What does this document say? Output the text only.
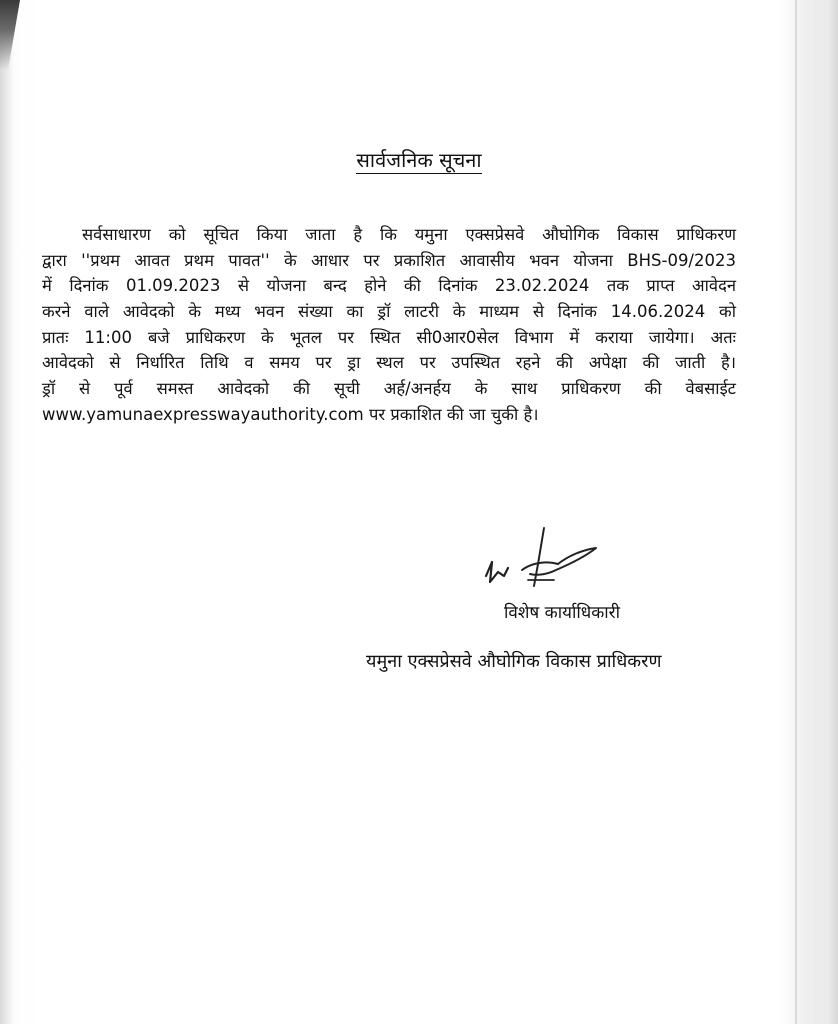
सार्वजनिक सूचना
सर्वसाधारण को सूचित किया जाता है कि यमुना एक्सप्रेसवे औघोगिक विकास प्राधिकरण
द्वारा ''प्रथम आवत प्रथम पावत'' के आधार पर प्रकाशित आवासीय भवन योजना BHS-09/2023
में दिनांक 01.09.2023 से योजना बन्द होने की दिनांक 23.02.2024 तक प्राप्त आवेदन
करने वाले आवेदको के मध्य भवन संख्या का ड्रॉ लाटरी के माध्यम से दिनांक 14.06.2024 को
प्रातः 11:00 बजे प्राधिकरण के भूतल पर स्थित सी0आर0सेल विभाग में कराया जायेगा। अतः
आवेदको से निर्धारित तिथि व समय पर ड्रा स्थल पर उपस्थित रहने की अपेक्षा की जाती है।
ड्रॉ से पूर्व समस्त आवेदको की सूची अर्ह/अनर्हय के साथ प्राधिकरण की वेबसाईट
www.yamunaexpresswayauthority.com पर प्रकाशित की जा चुकी है।
विशेष कार्याधिकारी
यमुना एक्सप्रेसवे औघोगिक विकास प्राधिकरण
